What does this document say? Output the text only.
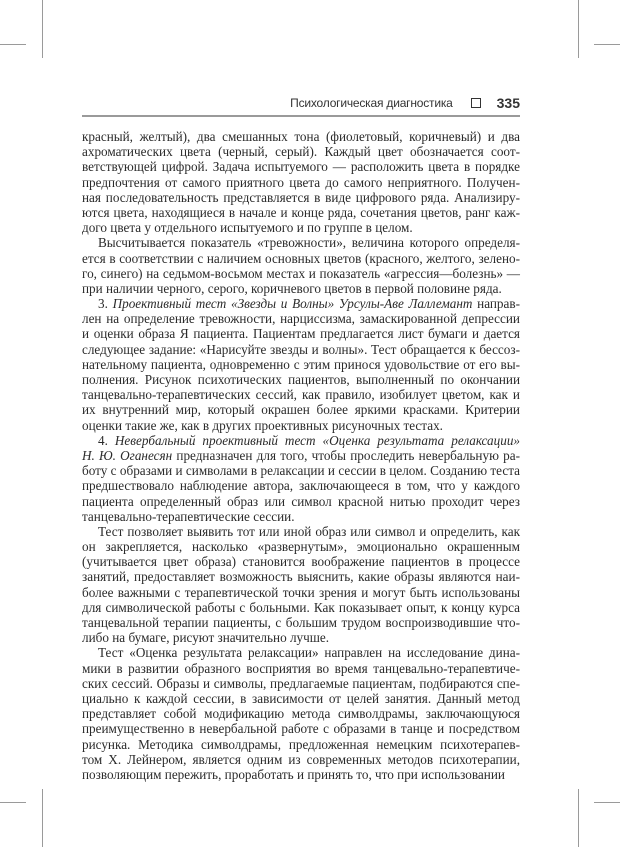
Психологическая диагностика	335
красный, желтый), два смешанных тона (фиолетовый, коричневый) и два
ахроматических цвета (черный, серый). Каждый цвет обозначается соот-
ветствующей цифрой. Задача испытуемого — расположить цвета в порядке
предпочтения от самого приятного цвета до самого неприятного. Получен-
ная последовательность представляется в виде цифрового ряда. Анализиру-
ются цвета, находящиеся в начале и конце ряда, сочетания цветов, ранг каж-
дого цвета у отдельного испытуемого и по группе в целом.
Высчитывается показатель «тревожности», величина которого определя-
ется в соответствии с наличием основных цветов (красного, желтого, зелено-
го, синего) на седьмом-восьмом местах и показатель «агрессия—болезнь» —
при наличии черного, серого, коричневого цветов в первой половине ряда.
3. Проективный тест «Звезды и Волны» Урсулы-Аве Лаллемант направ-
лен на определение тревожности, нарциссизма, замаскированной депрессии
и оценки образа Я пациента. Пациентам предлагается лист бумаги и дается
следующее задание: «Нарисуйте звезды и волны». Тест обращается к бессоз-
нательному пациента, одновременно с этим принося удовольствие от его вы-
полнения. Рисунок психотических пациентов, выполненный по окончании
танцевально-терапевтических сессий, как правило, изобилует цветом, как и
их внутренний мир, который окрашен более яркими красками. Критерии
оценки такие же, как в других проективных рисуночных тестах.
4. Невербальный проективный тест «Оценка результата релаксации»
Н. Ю. Оганесян предназначен для того, чтобы проследить невербальную ра-
боту с образами и символами в релаксации и сессии в целом. Созданию теста
предшествовало наблюдение автора, заключающееся в том, что у каждого
пациента определенный образ или символ красной нитью проходит через
танцевально-терапевтические сессии.
Тест позволяет выявить тот или иной образ или символ и определить, как
он закрепляется, насколько «развернутым», эмоционально окрашенным
(учитывается цвет образа) становится воображение пациентов в процессе
занятий, предоставляет возможность выяснить, какие образы являются наи-
более важными с терапевтической точки зрения и могут быть использованы
для символической работы с больными. Как показывает опыт, к концу курса
танцевальной терапии пациенты, с большим трудом воспроизводившие что-
либо на бумаге, рисуют значительно лучше.
Тест «Оценка результата релаксации» направлен на исследование дина-
мики в развитии образного восприятия во время танцевально-терапевтиче-
ских сессий. Образы и символы, предлагаемые пациентам, подбираются спе-
циально к каждой сессии, в зависимости от целей занятия. Данный метод
представляет собой модификацию метода символдрамы, заключающуюся
преимущественно в невербальной работе с образами в танце и посредством
рисунка. Методика символдрамы, предложенная немецким психотерапев-
том Х. Лейнером, является одним из современных методов психотерапии,
позволяющим пережить, проработать и принять то, что при использовании
